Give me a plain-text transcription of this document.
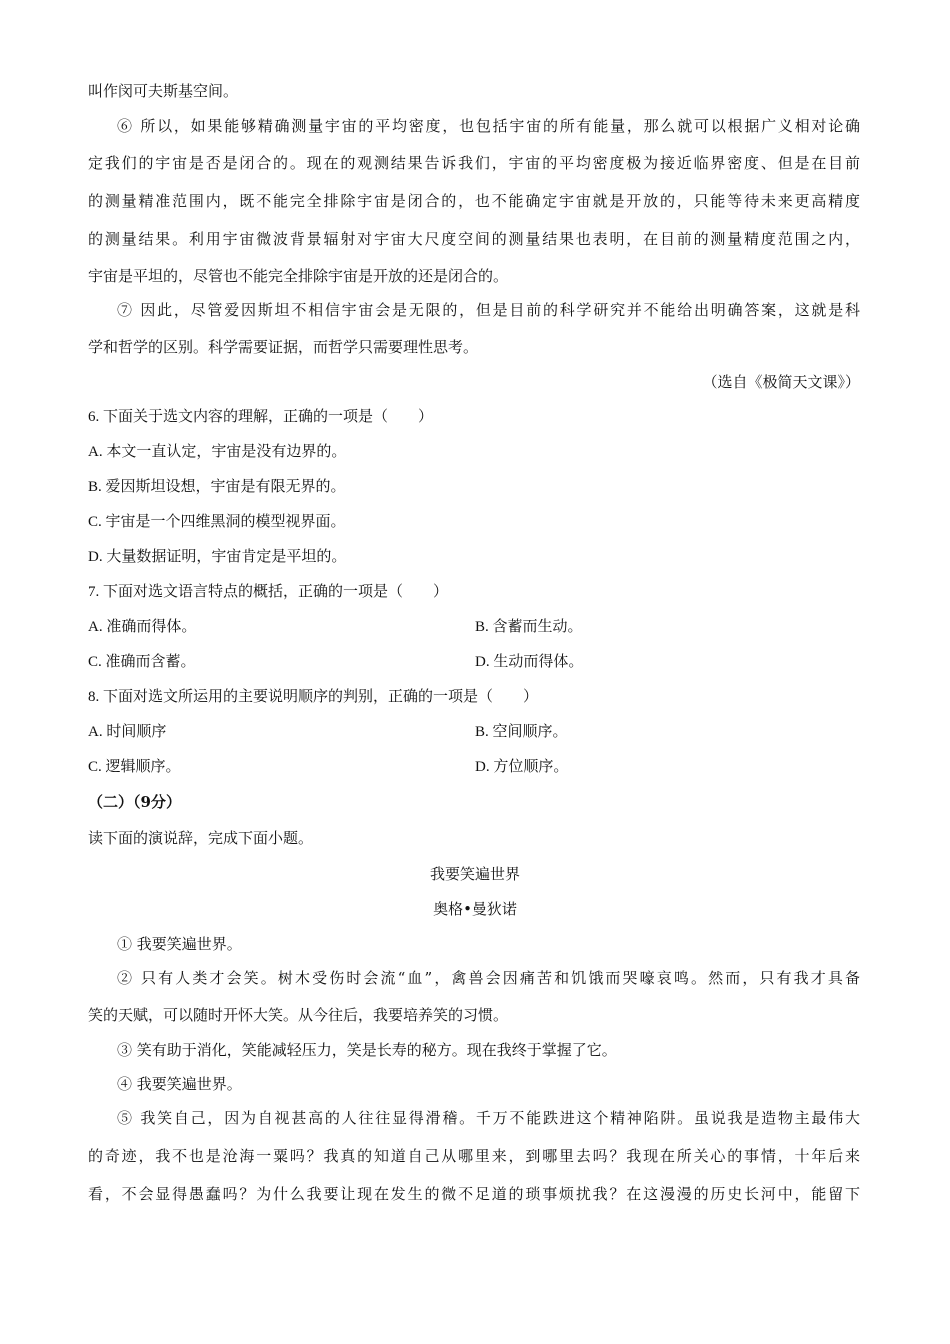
叫作闵可夫斯基空间。
⑥ 所以，如果能够精确测量宇宙的平均密度，也包括宇宙的所有能量，那么就可以根据广义相对论确
定我们的宇宙是否是闭合的。现在的观测结果告诉我们，宇宙的平均密度极为接近临界密度、但是在目前
的测量精准范围内，既不能完全排除宇宙是闭合的，也不能确定宇宙就是开放的，只能等待未来更高精度
的测量结果。利用宇宙微波背景辐射对宇宙大尺度空间的测量结果也表明，在目前的测量精度范围之内，
宇宙是平坦的，尽管也不能完全排除宇宙是开放的还是闭合的。
⑦ 因此，尽管爱因斯坦不相信宇宙会是无限的，但是目前的科学研究并不能给出明确答案，这就是科
学和哲学的区别。科学需要证据，而哲学只需要理性思考。
（选自《极简天文课》）
6. 下面关于选文内容的理解，正确的一项是（　　）
A. 本文一直认定，宇宙是没有边界的。
B. 爱因斯坦设想，宇宙是有限无界的。
C. 宇宙是一个四维黑洞的模型视界面。
D. 大量数据证明，宇宙肯定是平坦的。
7. 下面对选文语言特点的概括，正确的一项是（　　）
A. 准确而得体。	B. 含蓄而生动。
C. 准确而含蓄。	D. 生动而得体。
8. 下面对选文所运用的主要说明顺序的判别，正确的一项是（　　）
A. 时间顺序	B. 空间顺序。
C. 逻辑顺序。	D. 方位顺序。
（二）（9分）
读下面的演说辞，完成下面小题。
我要笑遍世界
奥格•曼狄诺
① 我要笑遍世界。
② 只有人类才会笑。树木受伤时会流“血”，禽兽会因痛苦和饥饿而哭嚎哀鸣。然而，只有我才具备
笑的天赋，可以随时开怀大笑。从今往后，我要培养笑的习惯。
③ 笑有助于消化，笑能减轻压力，笑是长寿的秘方。现在我终于掌握了它。
④ 我要笑遍世界。
⑤ 我笑自己，因为自视甚高的人往往显得滑稽。千万不能跌进这个精神陷阱。虽说我是造物主最伟大
的奇迹，我不也是沧海一粟吗？我真的知道自己从哪里来，到哪里去吗？我现在所关心的事情，十年后来
看，不会显得愚蠢吗？为什么我要让现在发生的微不足道的琐事烦扰我？在这漫漫的历史长河中，能留下
